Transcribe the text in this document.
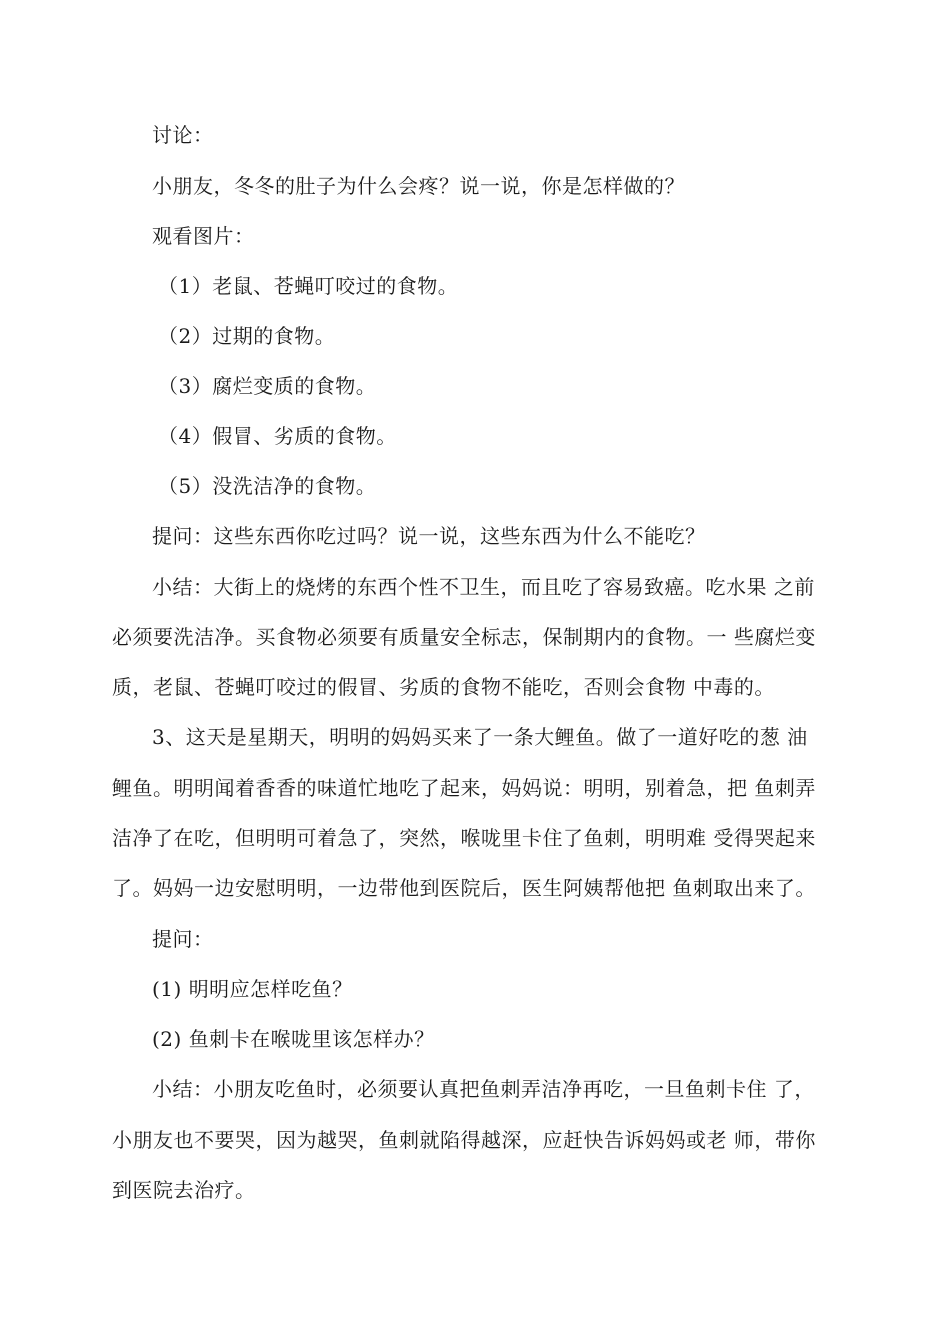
讨论：
小朋友，冬冬的肚子为什么会疼？说一说，你是怎样做的？
观看图片：
（1）老鼠、苍蝇叮咬过的食物。
（2）过期的食物。
（3）腐烂变质的食物。
（4）假冒、劣质的食物。
（5）没洗洁净的食物。
提问：这些东西你吃过吗？说一说，这些东西为什么不能吃？
小结：大街上的烧烤的东西个性不卫生，而且吃了容易致癌。吃水果 之前
必须要洗洁净。买食物必须要有质量安全标志，保制期内的食物。一 些腐烂变
质，老鼠、苍蝇叮咬过的假冒、劣质的食物不能吃，否则会食物 中毒的。
3、这天是星期天，明明的妈妈买来了一条大鲤鱼。做了一道好吃的葱 油
鲤鱼。明明闻着香香的味道忙地吃了起来，妈妈说：明明，别着急，把 鱼刺弄
洁净了在吃，但明明可着急了，突然，喉咙里卡住了鱼刺，明明难 受得哭起来
了。妈妈一边安慰明明，一边带他到医院后，医生阿姨帮他把 鱼刺取出来了。
提问：
(1) 明明应怎样吃鱼？
(2) 鱼刺卡在喉咙里该怎样办？
小结：小朋友吃鱼时，必须要认真把鱼刺弄洁净再吃，一旦鱼刺卡住 了，
小朋友也不要哭，因为越哭，鱼刺就陷得越深，应赶快告诉妈妈或老 师，带你
到医院去治疗。
